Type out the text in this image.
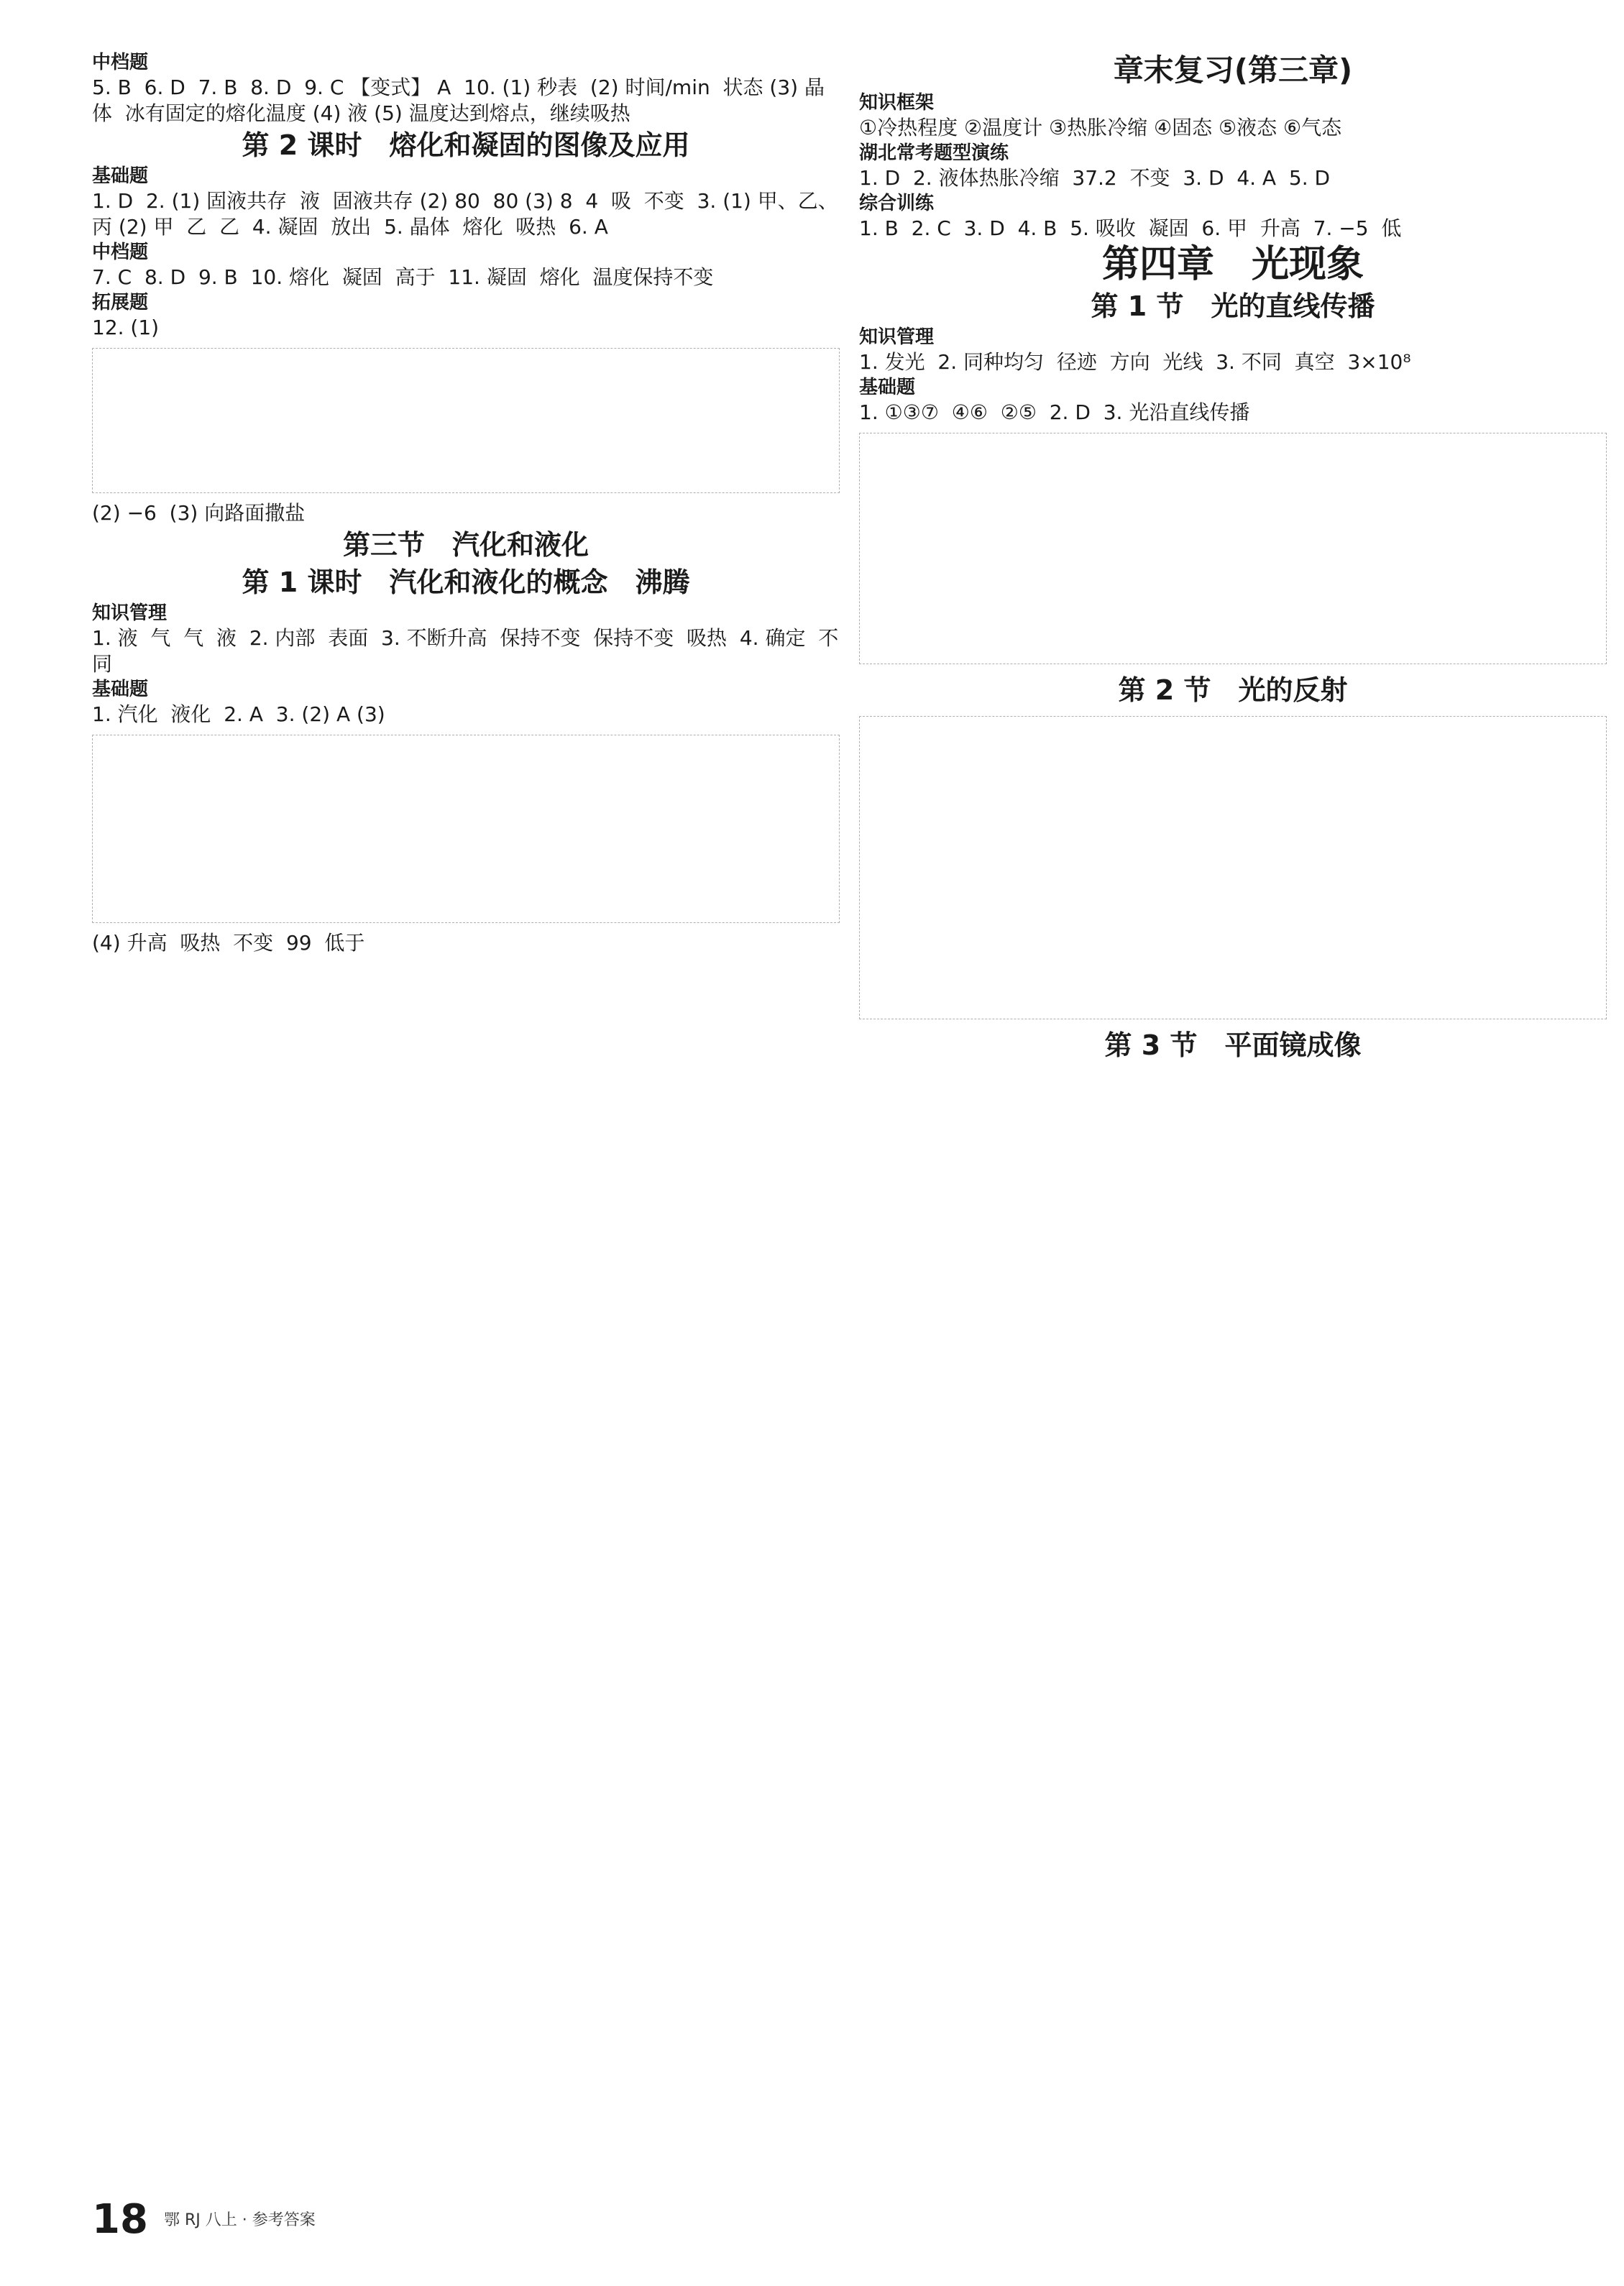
中档题
5. B  6. D  7. B  8. D  9. C 【变式】 A  10. (1) 秒表  (2) 时间/min  状态 (3) 晶体  冰有固定的熔化温度 (4) 液 (5) 温度达到熔点，继续吸热
第 2 课时　熔化和凝固的图像及应用
基础题
1. D  2. (1) 固液共存  液  固液共存 (2) 80  80 (3) 8  4  吸  不变  3. (1) 甲、乙、丙 (2) 甲  乙  乙  4. 凝固  放出  5. 晶体  熔化  吸热  6. A
中档题
7. C  8. D  9. B  10. 熔化  凝固  高于  11. 凝固  熔化  温度保持不变
拓展题
12. (1)
(2) −6  (3) 向路面撒盐
第三节　汽化和液化
第 1 课时　汽化和液化的概念　沸腾
知识管理
1. 液  气  气  液  2. 内部  表面  3. 不断升高  保持不变  保持不变  吸热  4. 确定  不同
基础题
1. 汽化  液化  2. A  3. (2) A (3)
(4) 升高  吸热  不变  99  低于
章末复习(第三章)
知识框架
①冷热程度 ②温度计 ③热胀冷缩 ④固态 ⑤液态 ⑥气态
湖北常考题型演练
1. D  2. 液体热胀冷缩  37.2  不变  3. D  4. A  5. D
综合训练
1. B  2. C  3. D  4. B  5. 吸收  凝固  6. 甲  升高  7. −5  低
第四章　光现象
第 1 节　光的直线传播
知识管理
1. 发光  2. 同种均匀  径迹  方向  光线  3. 不同  真空  3×10⁸
基础题
1. ①③⑦  ④⑥  ②⑤  2. D  3. 光沿直线传播
第 2 节　光的反射
第 3 节　平面镜成像
18 鄂 RJ 八上 · 参考答案
